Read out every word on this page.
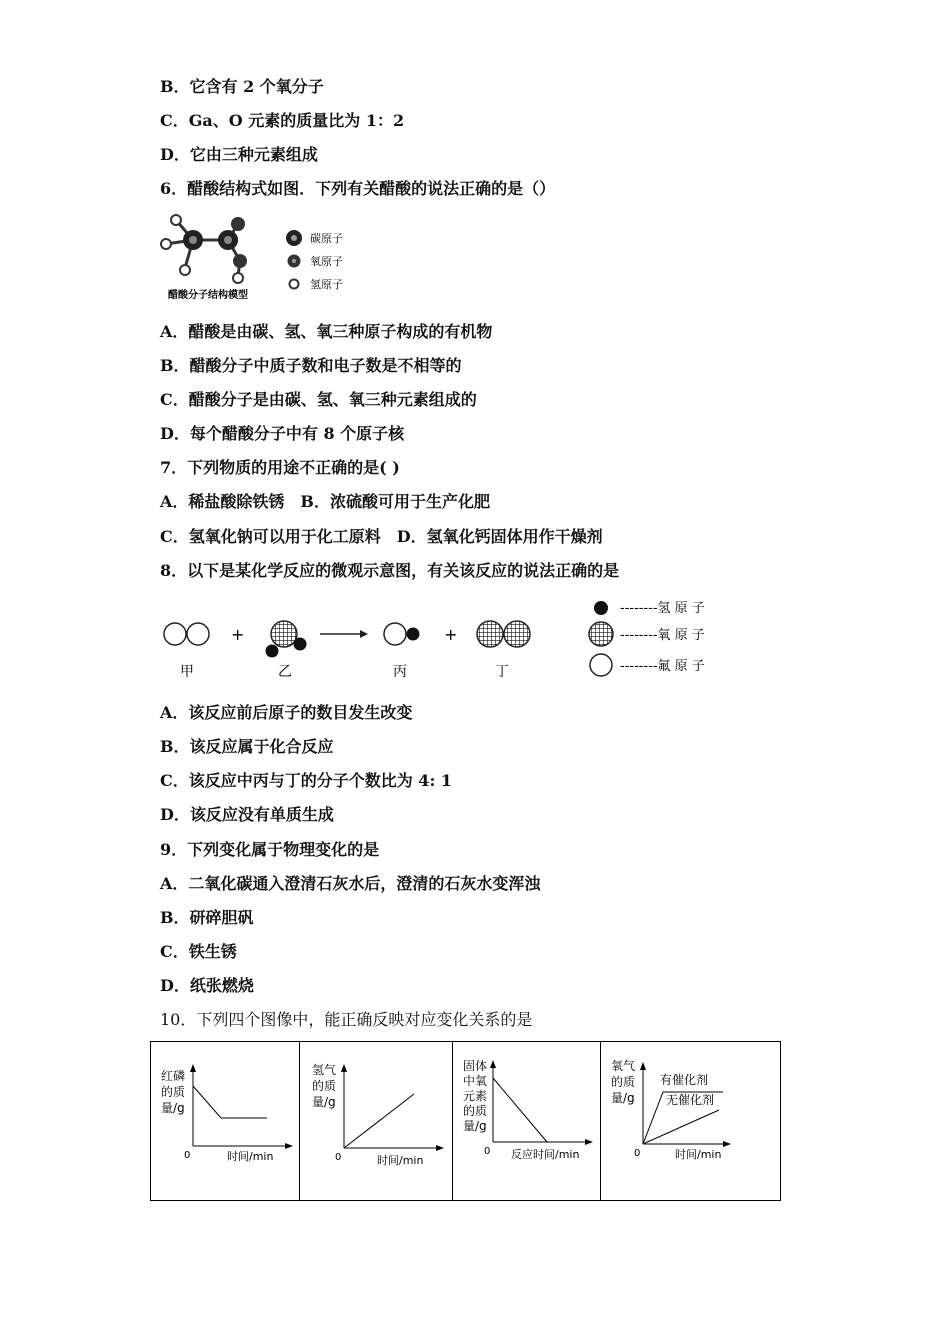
B．它含有 2 个氧分子
C．Ga、O 元素的质量比为 1：2
D．它由三种元素组成
6．醋酸结构式如图．下列有关醋酸的说法正确的是（）
醋酸分子结构模型
碳原子
氧原子
氢原子
A．醋酸是由碳、氢、氧三种原子构成的有机物
B．醋酸分子中质子数和电子数是不相等的
C．醋酸分子是由碳、氢、氧三种元素组成的
D．每个醋酸分子中有 8 个原子核
7．下列物质的用途不正确的是( )
A．稀盐酸除铁锈　B．浓硫酸可用于生产化肥
C．氢氧化钠可以用于化工原料　D．氢氧化钙固体用作干燥剂
8．以下是某化学反应的微观示意图，有关该反应的说法正确的是
甲
+
乙	丙
+
丁
--------氢 原 子
--------氧 原 子
--------氟 原 子
A．该反应前后原子的数目发生改变
B．该反应属于化合反应
C．该反应中丙与丁的分子个数比为 4: 1
D．该反应没有单质生成
9．下列变化属于物理变化的是
A．二氧化碳通入澄清石灰水后，澄清的石灰水变浑浊
B．研碎胆矾
C．铁生锈
D．纸张燃烧
10．下列四个图像中，能正确反映对应变化关系的是
红磷
的质
量/g
0	时间/min
氢气
的质
量/g
0	时间/min
固体
中氧
元素
的质
量/g
0 反应时间/min
氧气
的质
量/g
0	时间/min
有催化剂
无催化剂
